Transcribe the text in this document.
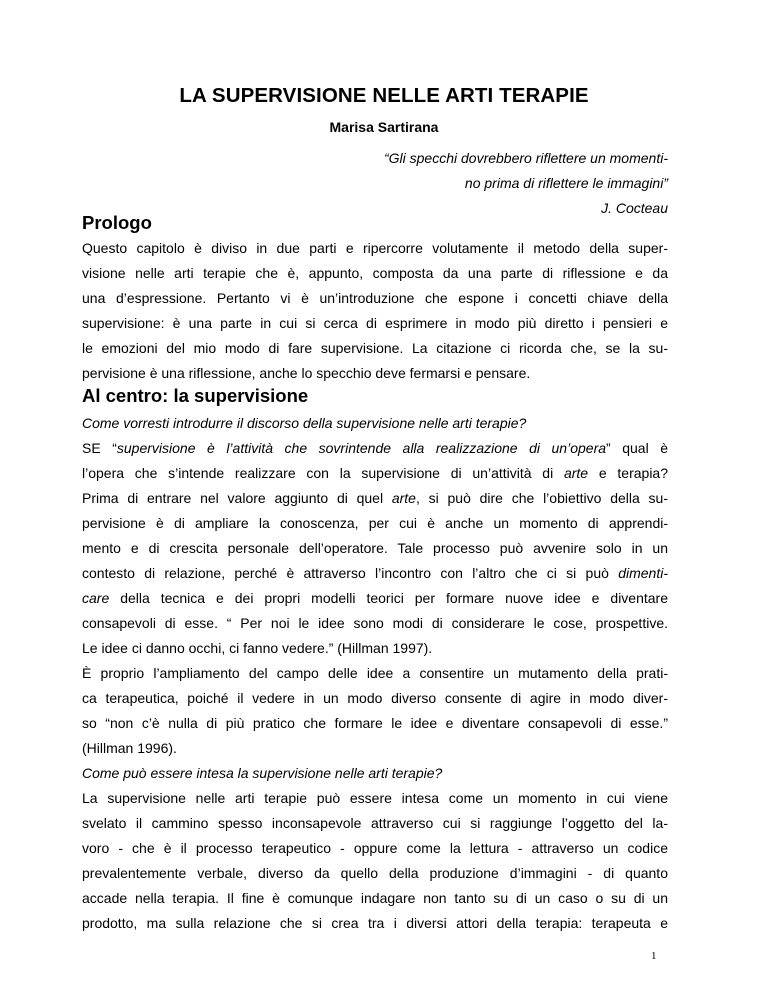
LA SUPERVISIONE NELLE ARTI TERAPIE
Marisa Sartirana
“Gli specchi dovrebbero riflettere un momenti-
no prima di riflettere le immagini”
J. Cocteau
Prologo
Questo capitolo è diviso in due parti e ripercorre volutamente il metodo della super-
visione nelle arti terapie che è, appunto, composta da una parte di riflessione e da
una d’espressione. Pertanto vi è un’introduzione che espone i concetti chiave della
supervisione: è una parte in cui si cerca di esprimere in modo più diretto i pensieri e
le emozioni del mio modo di fare supervisione. La citazione ci ricorda che, se la su-
pervisione è una riflessione, anche lo specchio deve fermarsi e pensare.
Al centro: la supervisione
Come vorresti introdurre il discorso della supervisione nelle arti terapie?
SE “supervisione è l’attività che sovrintende alla realizzazione di un’opera” qual è
l’opera che s’intende realizzare con la supervisione di un’attività di arte e terapia?
Prima di entrare nel valore aggiunto di quel arte, si può dire che l’obiettivo della su-
pervisione è di ampliare la conoscenza, per cui è anche un momento di apprendi-
mento e di crescita personale dell’operatore. Tale processo può avvenire solo in un
contesto di relazione, perché è attraverso l’incontro con l’altro che ci si può dimenti-
care della tecnica e dei propri modelli teorici per formare nuove idee e diventare
consapevoli di esse. “ Per noi le idee sono modi di considerare le cose, prospettive.
Le idee ci danno occhi, ci fanno vedere.” (Hillman 1997).
È proprio l’ampliamento del campo delle idee a consentire un mutamento della prati-
ca terapeutica, poiché il vedere in un modo diverso consente di agire in modo diver-
so “non c’è nulla di più pratico che formare le idee e diventare consapevoli di esse.”
(Hillman 1996).
Come può essere intesa la supervisione nelle arti terapie?
La supervisione nelle arti terapie può essere intesa come un momento in cui viene
svelato il cammino spesso inconsapevole attraverso cui si raggiunge l’oggetto del la-
voro - che è il processo terapeutico - oppure come la lettura - attraverso un codice
prevalentemente verbale, diverso da quello della produzione d’immagini - di quanto
accade nella terapia. Il fine è comunque indagare non tanto su di un caso o su di un
prodotto, ma sulla relazione che si crea tra i diversi attori della terapia: terapeuta e
1
